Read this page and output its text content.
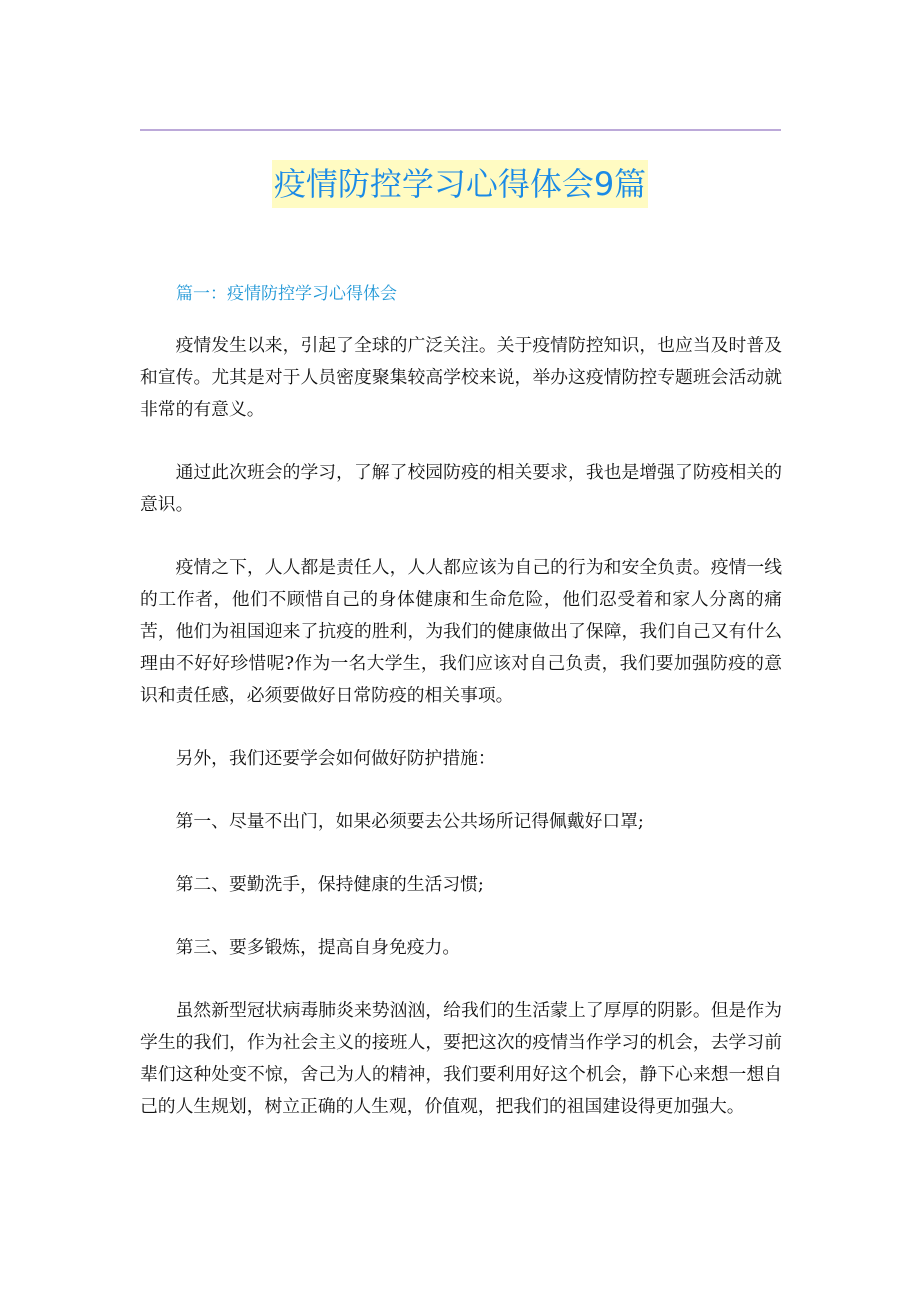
疫情防控学习心得体会9篇
篇一：疫情防控学习心得体会

疫情发生以来，引起了全球的广泛关注。关于疫情防控知识，也应当及时普及和宣传。尤其是对于人员密度聚集较高学校来说，举办这疫情防控专题班会活动就非常的有意义。

通过此次班会的学习，了解了校园防疫的相关要求，我也是增强了防疫相关的意识。

疫情之下，人人都是责任人，人人都应该为自己的行为和安全负责。疫情一线的工作者，他们不顾惜自己的身体健康和生命危险，他们忍受着和家人分离的痛苦，他们为祖国迎来了抗疫的胜利，为我们的健康做出了保障，我们自己又有什么理由不好好珍惜呢?作为一名大学生，我们应该对自己负责，我们要加强防疫的意识和责任感，必须要做好日常防疫的相关事项。

另外，我们还要学会如何做好防护措施：

第一、尽量不出门，如果必须要去公共场所记得佩戴好口罩;

第二、要勤洗手，保持健康的生活习惯;

第三、要多锻炼，提高自身免疫力。

虽然新型冠状病毒肺炎来势汹汹，给我们的生活蒙上了厚厚的阴影。但是作为学生的我们，作为社会主义的接班人，要把这次的疫情当作学习的机会，去学习前辈们这种处变不惊，舍己为人的精神，我们要利用好这个机会，静下心来想一想自己的人生规划，树立正确的人生观，价值观，把我们的祖国建设得更加强大。
